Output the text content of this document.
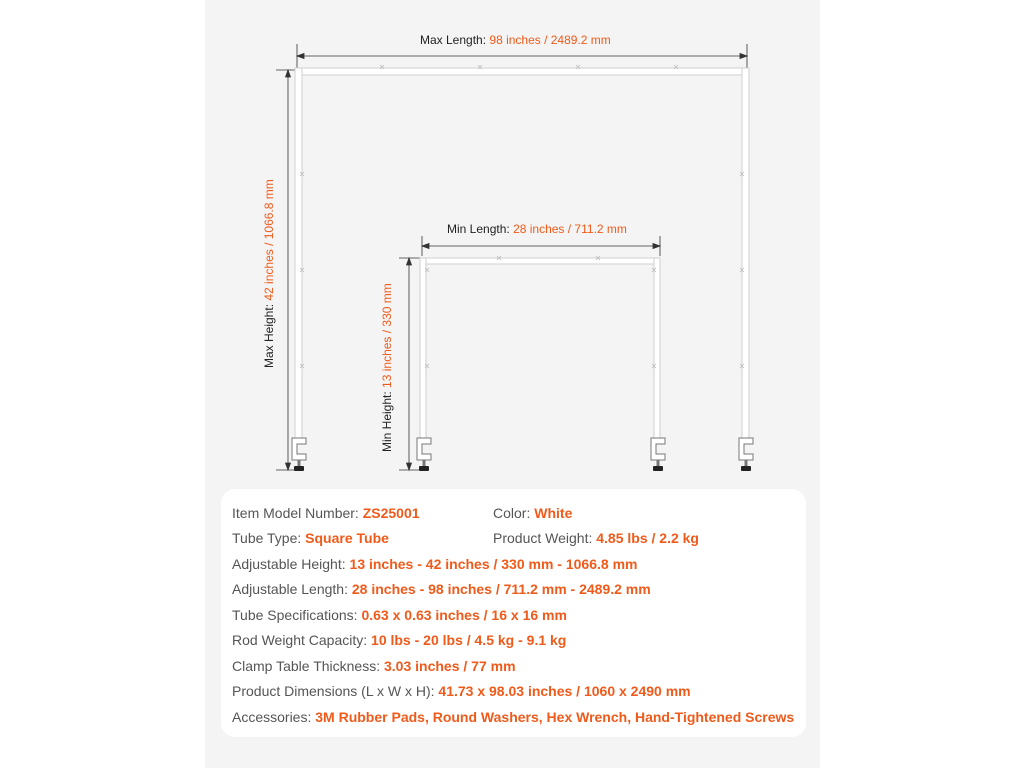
Max Length: 98 inches / 2489.2 mm
Min Length: 28 inches / 711.2 mm
Max Height: 42 inches / 1066.8 mm
Min Height: 13 inches / 330 mm
Item Model Number: ZS25001	Color: White
Tube Type: Square Tube	Product Weight: 4.85 lbs / 2.2 kg
Adjustable Height: 13 inches - 42 inches / 330 mm - 1066.8 mm
Adjustable Length: 28 inches - 98 inches / 711.2 mm - 2489.2 mm
Tube Specifications: 0.63 x 0.63 inches / 16 x 16 mm
Rod Weight Capacity: 10 lbs - 20 lbs / 4.5 kg - 9.1 kg
Clamp Table Thickness: 3.03 inches / 77 mm
Product Dimensions (L x W x H): 41.73 x 98.03 inches / 1060 x 2490 mm
Accessories: 3M Rubber Pads, Round Washers, Hex Wrench, Hand-Tightened Screws
